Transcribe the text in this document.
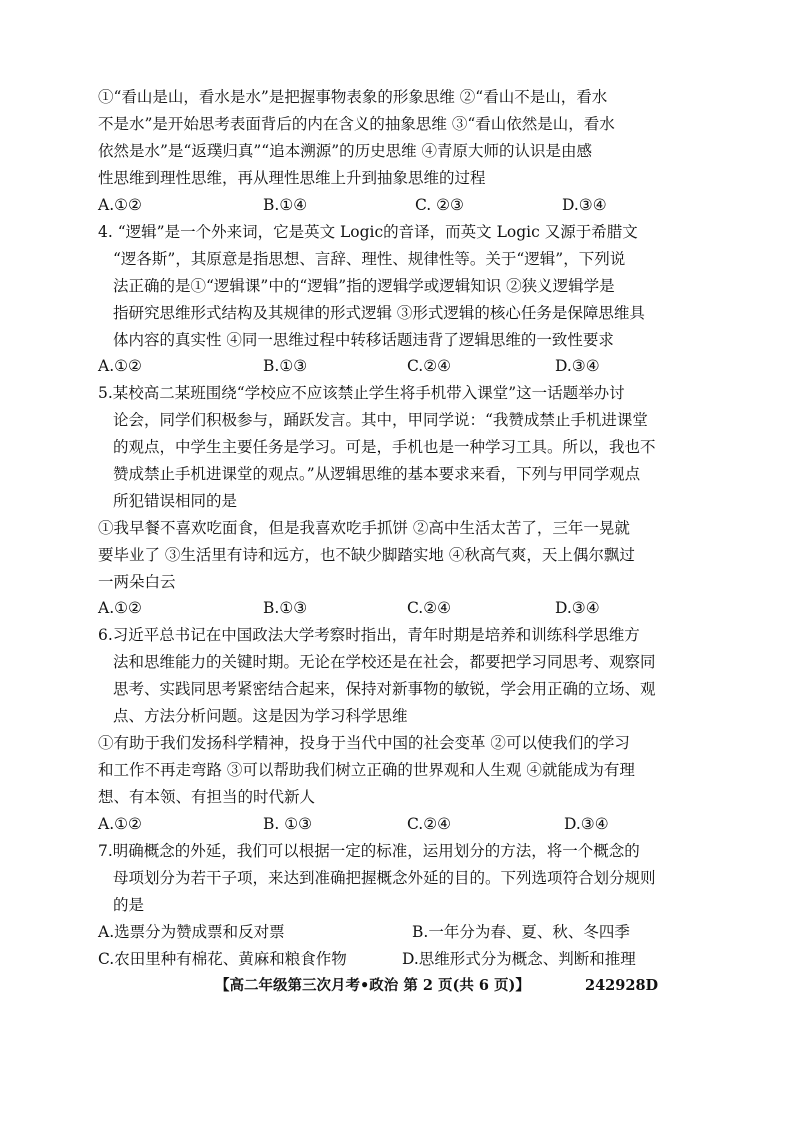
①“看山是山，看水是水”是把握事物表象的形象思维 ②“看山不是山，看水
不是水”是开始思考表面背后的内在含义的抽象思维 ③“看山依然是山，看水
依然是水”是“返璞归真”“追本溯源”的历史思维 ④青原大师的认识是由感
性思维到理性思维，再从理性思维上升到抽象思维的过程
A.①②	B.①④	C. ②③	D.③④
4. “逻辑”是一个外来词，它是英文 Logic的音译，而英文 Logic 又源于希腊文
“逻各斯”，其原意是指思想、言辞、理性、规律性等。关于“逻辑”，下列说
法正确的是①“逻辑课”中的“逻辑”指的逻辑学或逻辑知识 ②狭义逻辑学是
指研究思维形式结构及其规律的形式逻辑 ③形式逻辑的核心任务是保障思维具
体内容的真实性 ④同一思维过程中转移话题违背了逻辑思维的一致性要求
A.①②	B.①③	C.②④	D.③④
5.某校高二某班围绕“学校应不应该禁止学生将手机带入课堂”这一话题举办讨
论会，同学们积极参与，踊跃发言。其中，甲同学说：“我赞成禁止手机进课堂
的观点，中学生主要任务是学习。可是，手机也是一种学习工具。所以，我也不
赞成禁止手机进课堂的观点。”从逻辑思维的基本要求来看，下列与甲同学观点
所犯错误相同的是
①我早餐不喜欢吃面食，但是我喜欢吃手抓饼 ②高中生活太苦了，三年一晃就
要毕业了 ③生活里有诗和远方，也不缺少脚踏实地 ④秋高气爽，天上偶尔飘过
一两朵白云
A.①②	B.①③	C.②④	D.③④
6.习近平总书记在中国政法大学考察时指出，青年时期是培养和训练科学思维方
法和思维能力的关键时期。无论在学校还是在社会，都要把学习同思考、观察同
思考、实践同思考紧密结合起来，保持对新事物的敏锐，学会用正确的立场、观
点、方法分析问题。这是因为学习科学思维
①有助于我们发扬科学精神，投身于当代中国的社会变革 ②可以使我们的学习
和工作不再走弯路 ③可以帮助我们树立正确的世界观和人生观 ④就能成为有理
想、有本领、有担当的时代新人
A.①②	B. ①③	C.②④	D.③④
7.明确概念的外延，我们可以根据一定的标准，运用划分的方法，将一个概念的
母项划分为若干子项，来达到准确把握概念外延的目的。下列选项符合划分规则
的是
A.选票分为赞成票和反对票	B.一年分为春、夏、秋、冬四季
C.农田里种有棉花、黄麻和粮食作物	D.思维形式分为概念、判断和推理
【高二年级第三次月考•政治 第 2 页(共 6 页)】	242928D
